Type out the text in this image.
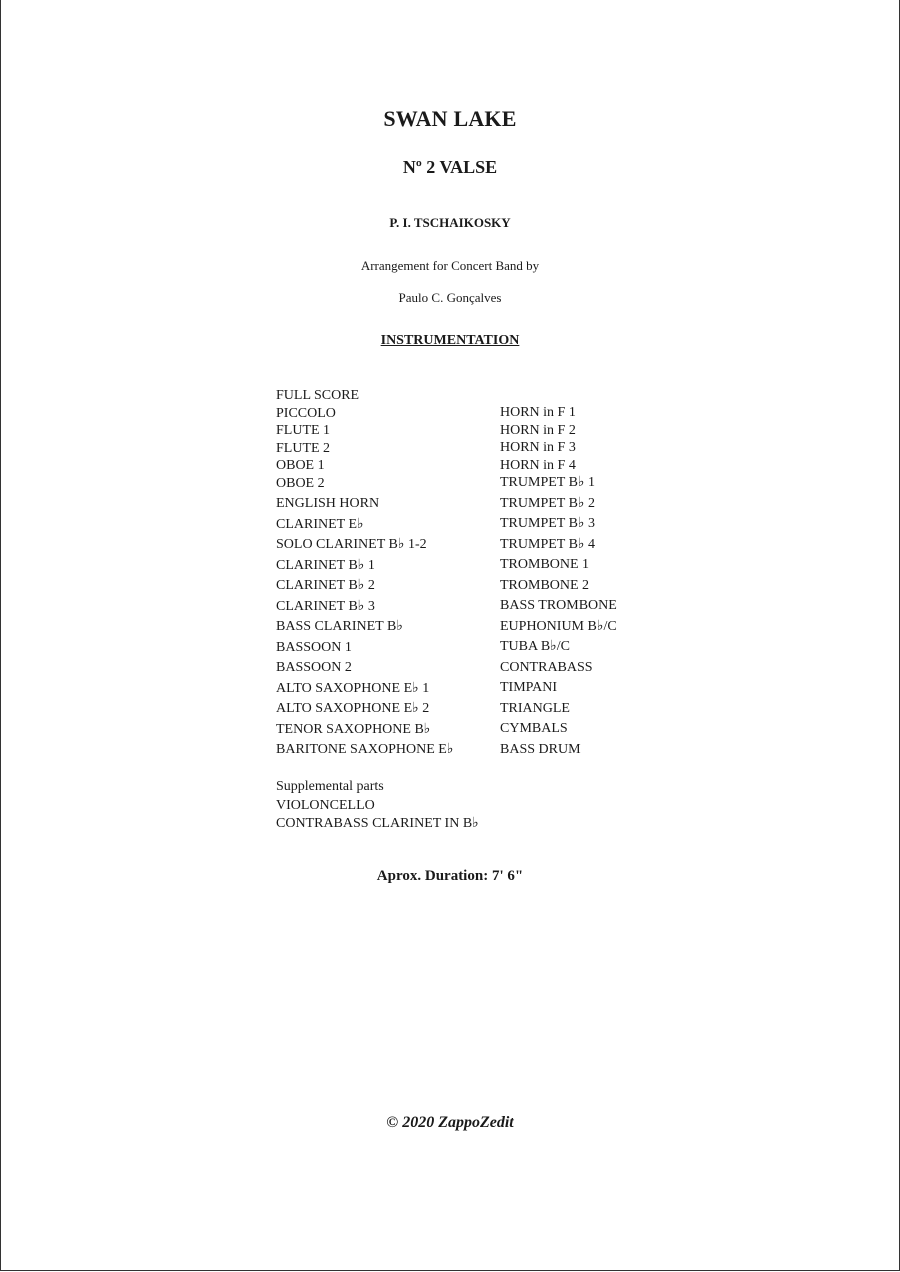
SWAN LAKE
Nº 2 VALSE
P. I. TSCHAIKOSKY
Arrangement for Concert Band by
Paulo C. Gonçalves
INSTRUMENTATION
FULL SCORE
PICCOLO
FLUTE 1
FLUTE 2
OBOE 1
OBOE 2
ENGLISH HORN
CLARINET E♭
SOLO CLARINET B♭ 1-2
CLARINET B♭ 1
CLARINET B♭ 2
CLARINET B♭ 3
BASS CLARINET B♭
BASSOON 1
BASSOON 2
ALTO SAXOPHONE E♭ 1
ALTO SAXOPHONE E♭ 2
TENOR SAXOPHONE B♭
BARITONE SAXOPHONE E♭
HORN in F 1
HORN in F 2
HORN in F 3
HORN in F 4
TRUMPET B♭ 1
TRUMPET B♭ 2
TRUMPET B♭ 3
TRUMPET B♭ 4
TROMBONE 1
TROMBONE 2
BASS TROMBONE
EUPHONIUM B♭/C
TUBA B♭/C
CONTRABASS
TIMPANI
TRIANGLE
CYMBALS
BASS DRUM
Supplemental parts
VIOLONCELLO
CONTRABASS CLARINET IN B♭
Aprox. Duration: 7' 6"
© 2020 ZappoZedit
